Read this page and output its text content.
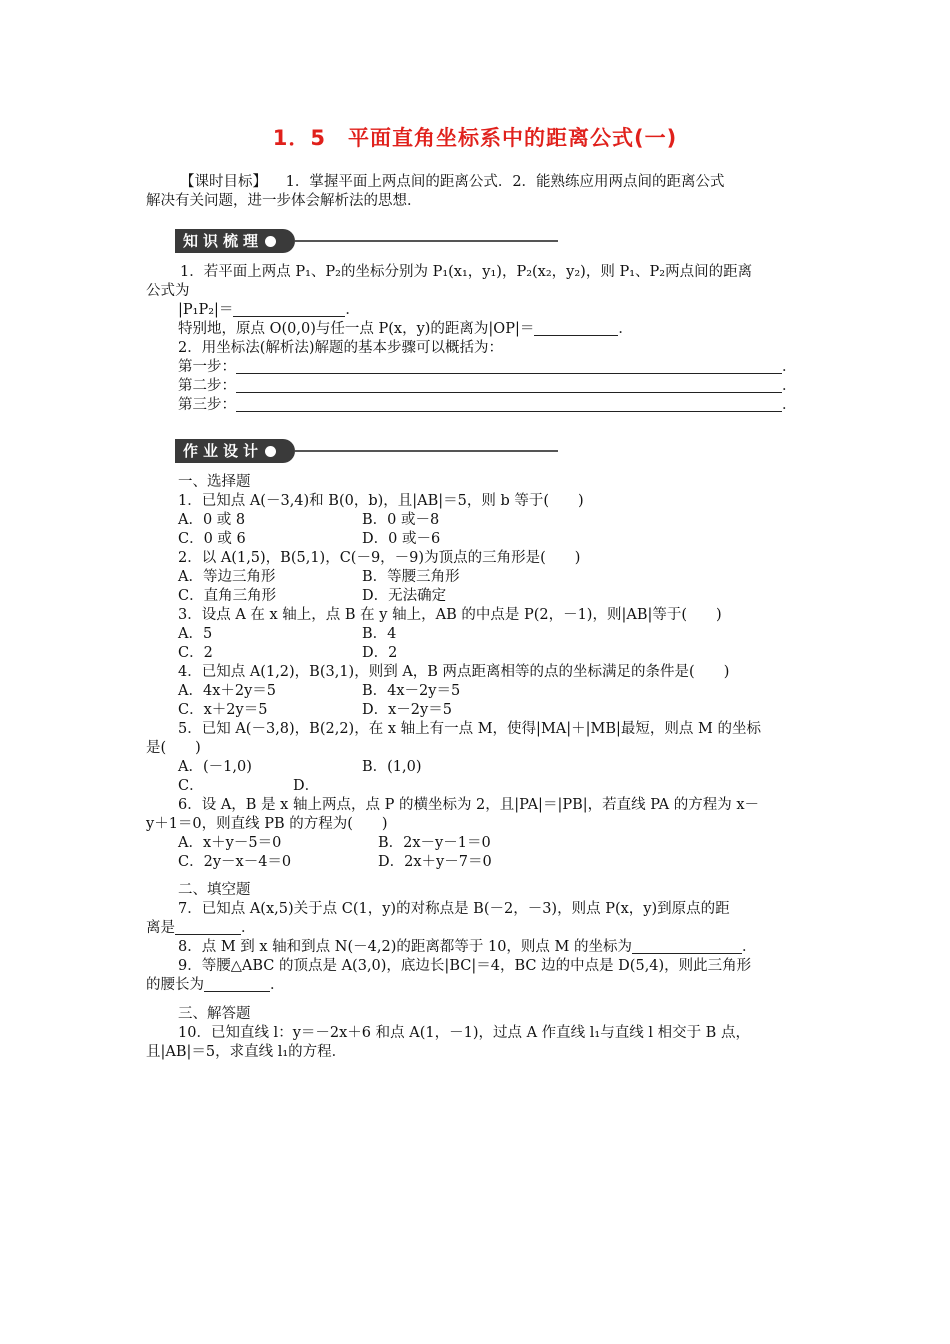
1．5　平面直角坐标系中的距离公式(一)
【课时目标】 1．掌握平面上两点间的距离公式．2．能熟练应用两点间的距离公式
解决有关问题，进一步体会解析法的思想．
知识梳理
1．若平面上两点 P₁、P₂的坐标分别为 P₁(x₁，y₁)，P₂(x₂，y₂)，则 P₁、P₂两点间的距离
公式为
|P₁P₂|＝	．
特别地，原点 O(0,0)与任一点 P(x，y)的距离为|OP|＝	．
2．用坐标法(解析法)解题的基本步骤可以概括为：
第一步：	．
第二步：	．
第三步：	．
作业设计
一、选择题
1．已知点 A(－3,4)和 B(0，b)，且|AB|＝5，则 b 等于(　　)
A．0 或 8	B．0 或－8
C．0 或 6	D．0 或－6
2．以 A(1,5)，B(5,1)，C(－9，－9)为顶点的三角形是(　　)
A．等边三角形	B．等腰三角形
C．直角三角形	D．无法确定
3．设点 A 在 x 轴上，点 B 在 y 轴上，AB 的中点是 P(2，－1)，则|AB|等于(　　)
A．5	B．4
C．2	D．2
4．已知点 A(1,2)，B(3,1)，则到 A，B 两点距离相等的点的坐标满足的条件是(　　)
A．4x＋2y＝5	B．4x－2y＝5
C．x＋2y＝5	D．x－2y＝5
5．已知 A(－3,8)，B(2,2)，在 x 轴上有一点 M，使得|MA|＋|MB|最短，则点 M 的坐标
是(　　)
A．(－1,0)	B．(1,0)
C．	D．
6．设 A，B 是 x 轴上两点，点 P 的横坐标为 2，且|PA|＝|PB|，若直线 PA 的方程为 x－
y＋1＝0，则直线 PB 的方程为(　　)
A．x＋y－5＝0	B．2x－y－1＝0
C．2y－x－4＝0	D．2x＋y－7＝0
二、填空题
7．已知点 A(x,5)关于点 C(1，y)的对称点是 B(－2，－3)，则点 P(x，y)到原点的距
离是	．
8．点 M 到 x 轴和到点 N(－4,2)的距离都等于 10，则点 M 的坐标为	．
9．等腰△ABC 的顶点是 A(3,0)，底边长|BC|＝4，BC 边的中点是 D(5,4)，则此三角形
的腰长为	．
三、解答题
10．已知直线 l：y＝－2x＋6 和点 A(1，－1)，过点 A 作直线 l₁与直线 l 相交于 B 点，
且|AB|＝5，求直线 l₁的方程．
